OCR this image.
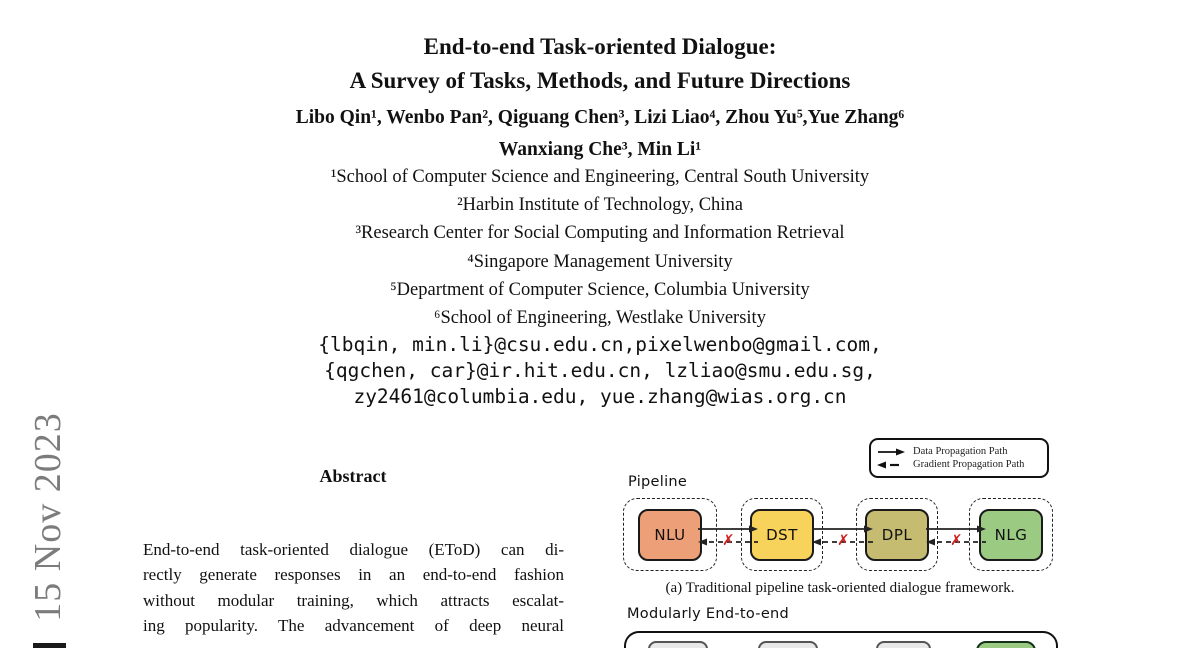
15 Nov 2023
End-to-end Task-oriented Dialogue:
A Survey of Tasks, Methods, and Future Directions
Libo Qin¹, Wenbo Pan², Qiguang Chen³, Lizi Liao⁴, Zhou Yu⁵,Yue Zhang⁶
Wanxiang Che³, Min Li¹
¹School of Computer Science and Engineering, Central South University
²Harbin Institute of Technology, China
³Research Center for Social Computing and Information Retrieval
⁴Singapore Management University
⁵Department of Computer Science, Columbia University
⁶School of Engineering, Westlake University
{lbqin, min.li}@csu.edu.cn,pixelwenbo@gmail.com,
{qgchen, car}@ir.hit.edu.cn, lzliao@smu.edu.sg,
zy2461@columbia.edu, yue.zhang@wias.org.cn
Abstract
End-to-end task-oriented dialogue (EToD) can di-
rectly generate responses in an end-to-end fashion
without modular training, which attracts escalat-
ing popularity. The advancement of deep neural
Data Propagation Path
Gradient Propagation Path
Pipeline
NLU	DST	DPL	NLG
✗	✗	✗
(a) Traditional pipeline task-oriented dialogue framework.
Modularly End-to-end
